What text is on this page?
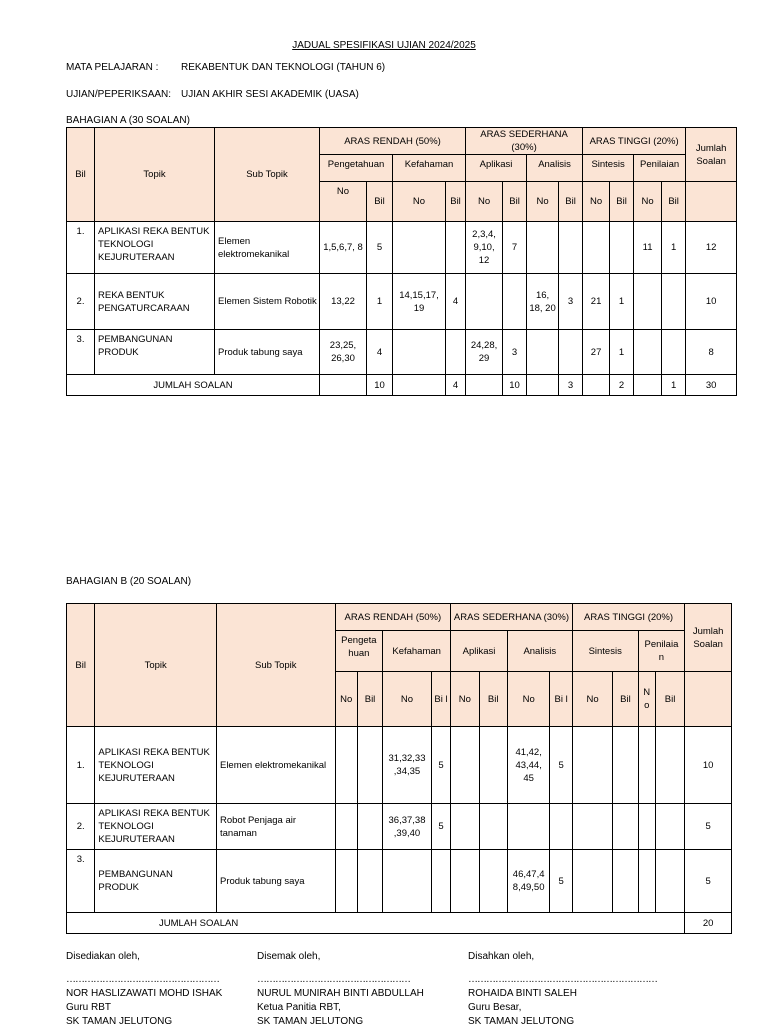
JADUAL SPESIFIKASI UJIAN 2024/2025
MATA PELAJARAN : REKABENTUK DAN TEKNOLOGI (TAHUN 6)
UJIAN/PEPERIKSAAN: UJIAN AKHIR SESI AKADEMIK (UASA)
BAHAGIAN A (30 SOALAN)
Bil	Topik	Sub Topik	ARAS RENDAH (50%)				ARAS SEDERHANA (30%)				ARAS TINGGI (20%)				Jumlah Soalan
			Pengetahuan		Kefahaman		Aplikasi		Analisis		Sintesis		Penilaian		
			No	Bil	No	Bil	No	Bil	No	Bil	No	Bil	No	Bil	
1.	APLIKASI REKA BENTUK TEKNOLOGI KEJURUTERAAN	Elemen elektromekanikal	1,5,6,7, 8	5			2,3,4, 9,10, 12	7					11	1	12
2.	REKA BENTUK PENGATURCARAAN	Elemen Sistem Robotik	13,22	1	14,15,17, 19	4			16, 18, 20	3	21	1			10
3.	PEMBANGUNAN PRODUK	Produk tabung saya	23,25, 26,30	4			24,28, 29	3			27	1			8
JUMLAH SOALAN				10		4		10		3		2		1	30
BAHAGIAN B (20 SOALAN)
Bil	Topik	Sub Topik	ARAS RENDAH (50%)				ARAS SEDERHANA (30%)				ARAS TINGGI (20%)				Jumlah Soalan
			Pengeta huan		Kefahaman		Aplikasi		Analisis		Sintesis		Penilaia n		
			No	Bil	No	Bi l	No	Bil	No	Bi l	No	Bil	N o	Bil	
1.	APLIKASI REKA BENTUK TEKNOLOGI KEJURUTERAAN	Elemen elektromekanikal			31,32,33 ,34,35	5			41,42, 43,44, 45	5					10
2.	APLIKASI REKA BENTUK TEKNOLOGI KEJURUTERAAN	Robot Penjaga air tanaman			36,37,38 ,39,40	5									5
3.	PEMBANGUNAN PRODUK	Produk tabung saya							46,47,4 8,49,50	5					5
JUMLAH SOALAN															20
Disediakan oleh,
……………………………………………
NOR HASLIZAWATI MOHD ISHAK
Guru RBT
SK TAMAN JELUTONG
Disemak oleh,
……………………………………………
NURUL MUNIRAH BINTI ABDULLAH
Ketua Panitia RBT,
SK TAMAN JELUTONG
Disahkan oleh,
………………………………………………………
ROHAIDA BINTI SALEH
Guru Besar,
SK TAMAN JELUTONG
